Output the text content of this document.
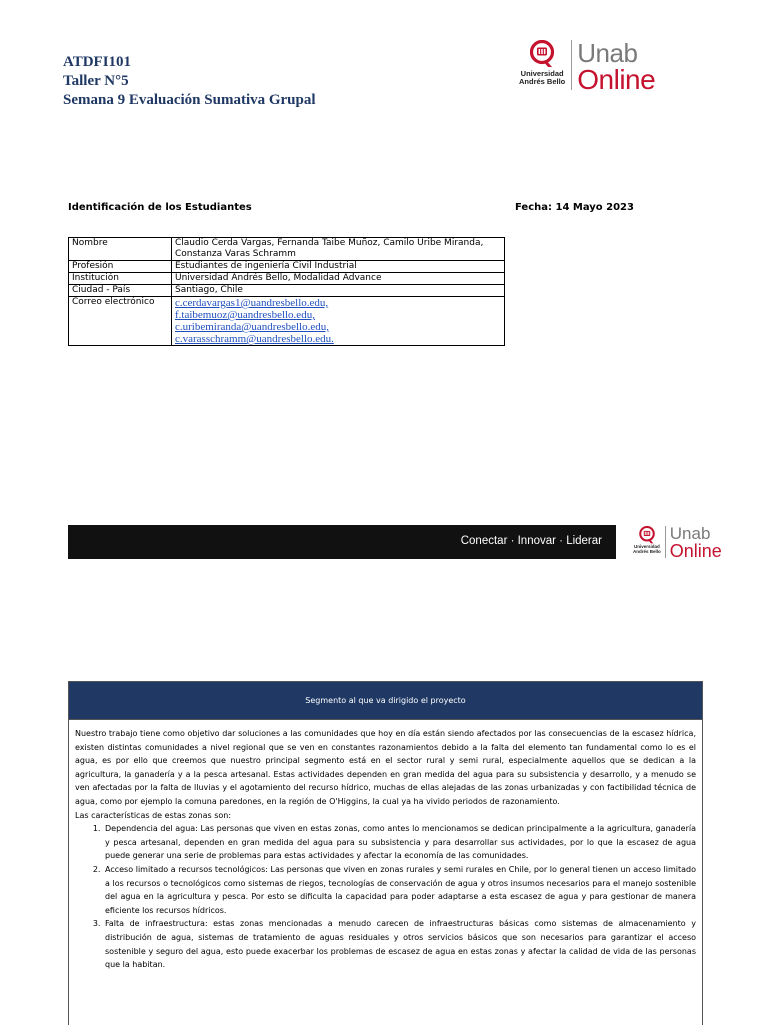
ATDFI101
Taller N°5
Semana 9 Evaluación Sumativa Grupal
Universidad
Andrés Bello
Unab
Online
Identificación de los Estudiantes	Fecha: 14 Mayo 2023
Nombre	Claudio Cerda Vargas, Fernanda Taibe Muñoz, Camilo Uribe Miranda, Constanza Varas Schramm
Profesión	Estudiantes de ingeniería Civil Industrial
Institución	Universidad Andrés Bello, Modalidad Advance
Ciudad - País	Santiago, Chile
Correo electrónico	c.cerdavargas1@uandresbello.edu,
f.taibemuoz@uandresbello.edu,
c.uribemiranda@uandresbello.edu,
c.varasschramm@uandresbello.edu.
Conectar · Innovar · Liderar	Universidad
Andrés Bello
Unab
Online
Segmento al que va dirigido el proyecto

Nuestro trabajo tiene como objetivo dar soluciones a las comunidades que hoy en día están siendo afectados por las consecuencias de la escasez hídrica, existen distintas comunidades a nivel regional que se ven en constantes razonamientos debido a la falta del elemento tan fundamental como lo es el agua, es por ello que creemos que nuestro principal segmento está en el sector rural y semi rural, especialmente aquellos que se dedican a la agricultura, la ganadería y a la pesca artesanal. Estas actividades dependen en gran medida del agua para su subsistencia y desarrollo, y a menudo se ven afectadas por la falta de lluvias y el agotamiento del recurso hídrico, muchas de ellas alejadas de las zonas urbanizadas y con factibilidad técnica de agua, como por ejemplo la comuna paredones, en la región de O'Higgins, la cual ya ha vivido periodos de razonamiento.

Las características de estas zonas son:

1. Dependencia del agua: Las personas que viven en estas zonas, como antes lo mencionamos se dedican principalmente a la agricultura, ganadería y pesca artesanal, dependen en gran medida del agua para su subsistencia y para desarrollar sus actividades, por lo que la escasez de agua puede generar una serie de problemas para estas actividades y afectar la economía de las comunidades.
2. Acceso limitado a recursos tecnológicos: Las personas que viven en zonas rurales y semi rurales en Chile, por lo general tienen un acceso limitado a los recursos o tecnológicos como sistemas de riegos, tecnologías de conservación de agua y otros insumos necesarios para el manejo sostenible del agua en la agricultura y pesca. Por esto se dificulta la capacidad para poder adaptarse a esta escasez de agua y para gestionar de manera eficiente los recursos hídricos.
3. Falta de infraestructura: estas zonas mencionadas a menudo carecen de infraestructuras básicas como sistemas de almacenamiento y distribución de agua, sistemas de tratamiento de aguas residuales y otros servicios básicos que son necesarios para garantizar el acceso sostenible y seguro del agua, esto puede exacerbar los problemas de escasez de agua en estas zonas y afectar la calidad de vida de las personas que la habitan.
